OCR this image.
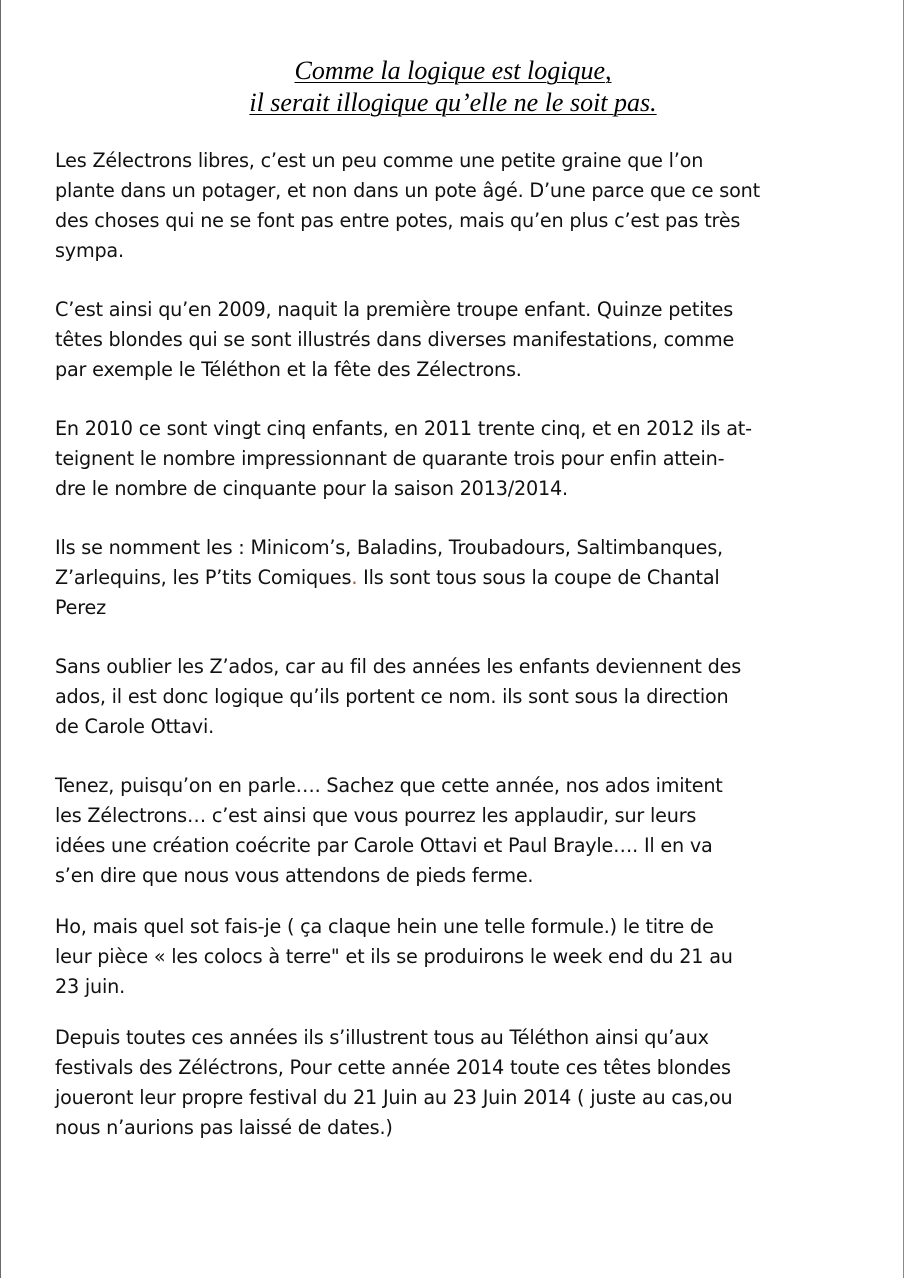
Comme la logique est logique,
il serait illogique qu’elle ne le soit pas.

Les Zélectrons libres, c’est un peu comme une petite graine que l’on
plante dans un potager, et non dans un pote âgé. D’une parce que ce sont
des choses qui ne se font pas entre potes, mais qu’en plus c’est pas très
sympa.

C’est ainsi qu’en 2009, naquit la première troupe enfant. Quinze petites
têtes blondes qui se sont illustrés dans diverses manifestations, comme
par exemple le Téléthon et la fête des Zélectrons.

En 2010 ce sont vingt cinq enfants, en 2011 trente cinq, et en 2012 ils at-
teignent le nombre impressionnant de quarante trois pour enfin attein-
dre le nombre de cinquante pour la saison 2013/2014.

Ils se nomment les : Minicom’s, Baladins, Troubadours, Saltimbanques,
Z’arlequins, les P’tits Comiques. Ils sont tous sous la coupe de Chantal
Perez

Sans oublier les Z’ados, car au fil des années les enfants deviennent des
ados, il est donc logique qu’ils portent ce nom. ils sont sous la direction
de Carole Ottavi.

Tenez, puisqu’on en parle…. Sachez que cette année, nos ados imitent
les Zélectrons… c’est ainsi que vous pourrez les applaudir, sur leurs
idées une création coécrite par Carole Ottavi et Paul Brayle…. Il en va
s’en dire que nous vous attendons de pieds ferme.

Ho, mais quel sot fais-je ( ça claque hein une telle formule.) le titre de
leur pièce « les colocs à terre" et ils se produirons le week end du 21 au
23 juin.

Depuis toutes ces années ils s’illustrent tous au Téléthon ainsi qu’aux
festivals des Zéléctrons, Pour cette année 2014 toute ces têtes blondes
joueront leur propre festival du 21 Juin au 23 Juin 2014 ( juste au cas,ou
nous n’aurions pas laissé de dates.)
